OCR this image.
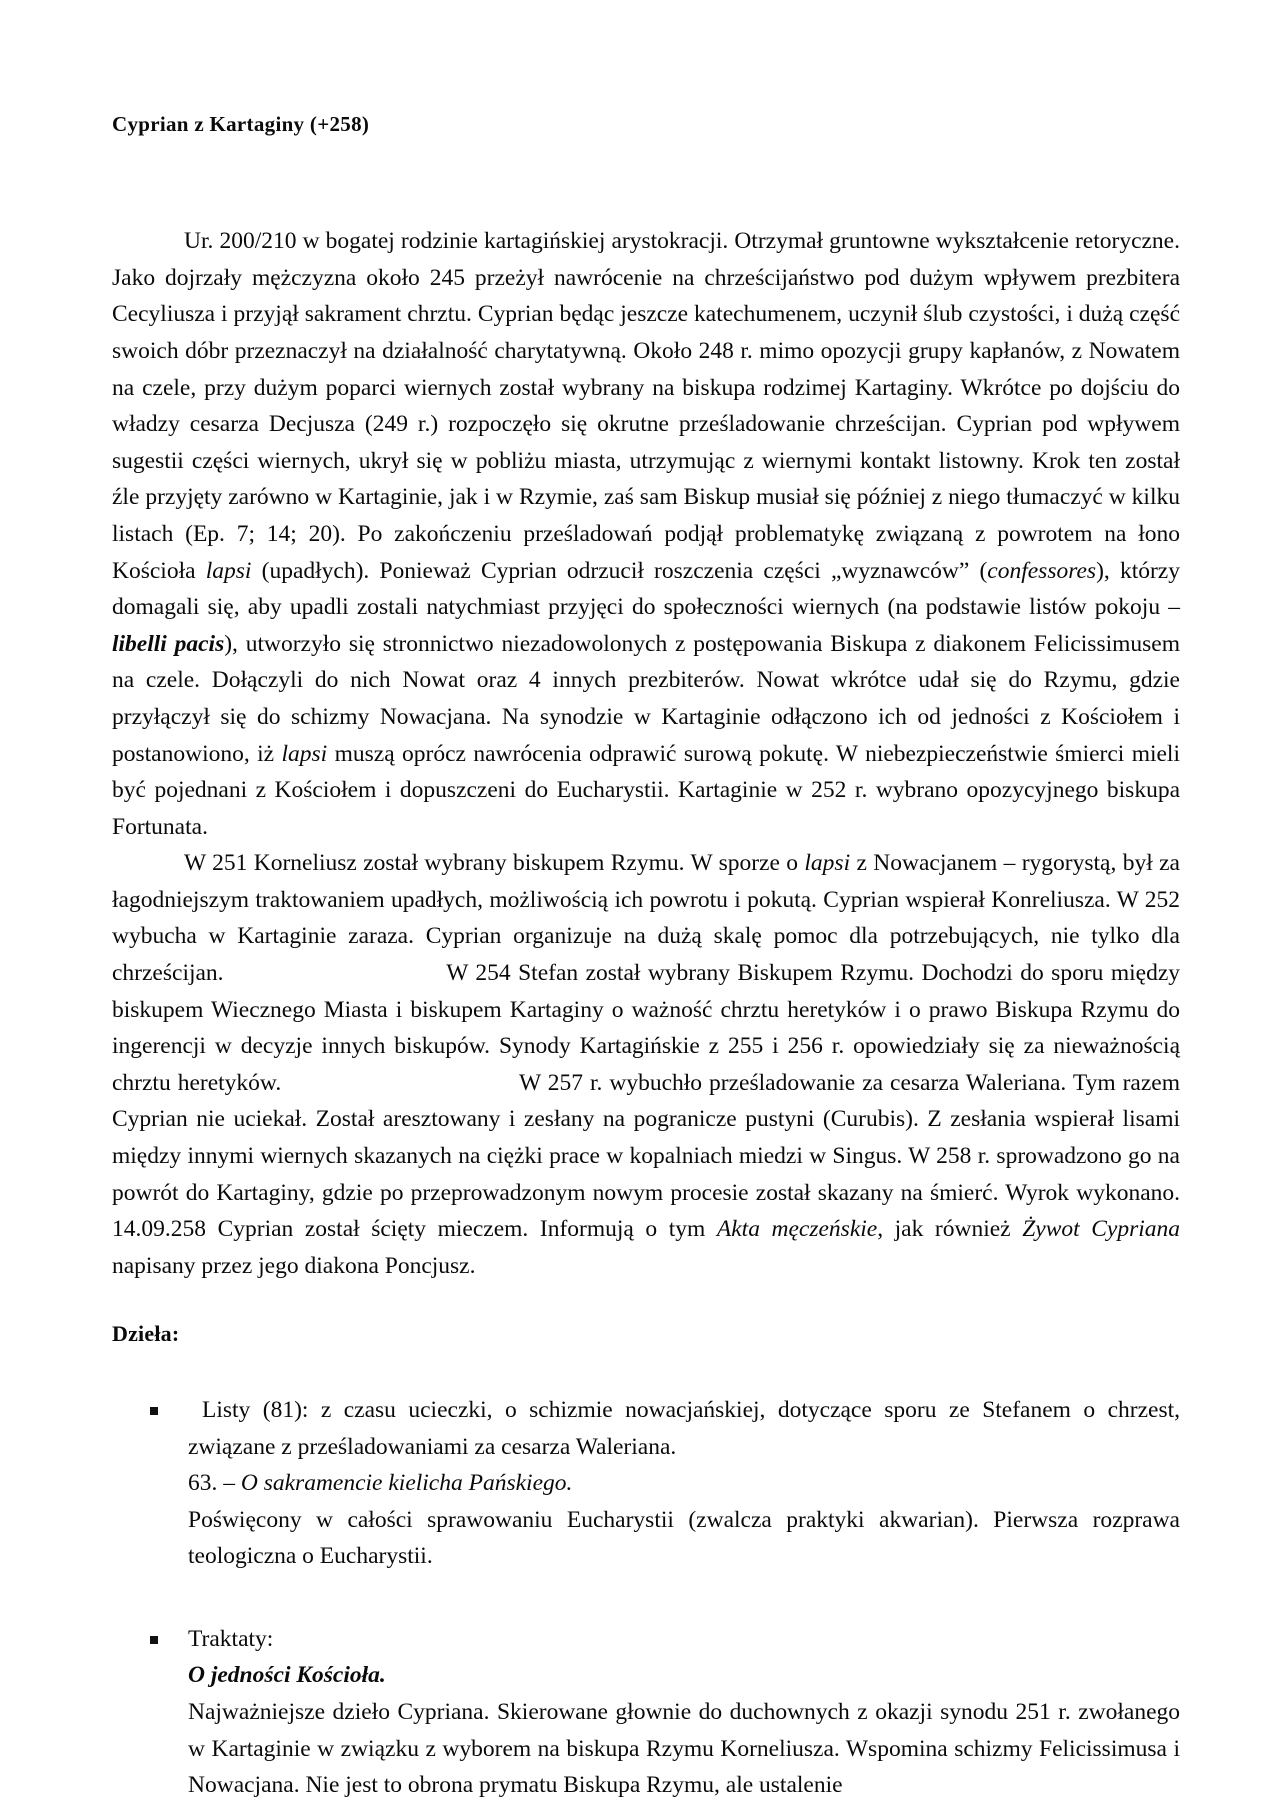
Cyprian z Kartaginy (+258)

Ur. 200/210 w bogatej rodzinie kartagińskiej arystokracji. Otrzymał gruntowne wykształcenie retoryczne. Jako dojrzały mężczyzna około 245 przeżył nawrócenie na chrześcijaństwo pod dużym wpływem prezbitera Cecyliusza i przyjął sakrament chrztu. Cyprian będąc jeszcze katechumenem, uczynił ślub czystości, i dużą część swoich dóbr przeznaczył na działalność charytatywną. Około 248 r. mimo opozycji grupy kapłanów, z Nowatem na czele, przy dużym poparci wiernych został wybrany na biskupa rodzimej Kartaginy. Wkrótce po dojściu do władzy cesarza Decjusza (249 r.) rozpoczęło się okrutne prześladowanie chrześcijan. Cyprian pod wpływem sugestii części wiernych, ukrył się w pobliżu miasta, utrzymując z wiernymi kontakt listowny. Krok ten został źle przyjęty zarówno w Kartaginie, jak i w Rzymie, zaś sam Biskup musiał się później z niego tłumaczyć w kilku listach (Ep. 7; 14; 20). Po zakończeniu prześladowań podjął problematykę związaną z powrotem na łono Kościoła lapsi (upadłych). Ponieważ Cyprian odrzucił roszczenia części „wyznawców” (confessores), którzy domagali się, aby upadli zostali natychmiast przyjęci do społeczności wiernych (na podstawie listów pokoju – libelli pacis), utworzyło się stronnictwo niezadowolonych z postępowania Biskupa z diakonem Felicissimusem na czele. Dołączyli do nich Nowat oraz 4 innych prezbiterów. Nowat wkrótce udał się do Rzymu, gdzie przyłączył się do schizmy Nowacjana. Na synodzie w Kartaginie odłączono ich od jedności z Kościołem i postanowiono, iż lapsi muszą oprócz nawrócenia odprawić surową pokutę. W niebezpieczeństwie śmierci mieli być pojednani z Kościołem i dopuszczeni do Eucharystii. Kartaginie w 252 r. wybrano opozycyjnego biskupa Fortunata.

W 251 Korneliusz został wybrany biskupem Rzymu. W sporze o lapsi z Nowacjanem – rygorystą, był za łagodniejszym traktowaniem upadłych, możliwością ich powrotu i pokutą. Cyprian wspierał Konreliusza. W 252 wybucha w Kartaginie zaraza. Cyprian organizuje na dużą skalę pomoc dla potrzebujących, nie tylko dla chrześcijan.	W 254 Stefan został wybrany Biskupem Rzymu. Dochodzi do sporu między biskupem Wiecznego Miasta i biskupem Kartaginy o ważność chrztu heretyków i o prawo Biskupa Rzymu do ingerencji w decyzje innych biskupów. Synody Kartagińskie z 255 i 256 r. opowiedziały się za nieważnością chrztu heretyków.	W 257 r. wybuchło prześladowanie za cesarza Waleriana. Tym razem Cyprian nie uciekał. Został aresztowany i zesłany na pogranicze pustyni (Curubis). Z zesłania wspierał lisami między innymi wiernych skazanych na ciężki prace w kopalniach miedzi w Singus. W 258 r. sprowadzono go na powrót do Kartaginy, gdzie po przeprowadzonym nowym procesie został skazany na śmierć. Wyrok wykonano. 14.09.258 Cyprian został ścięty mieczem. Informują o tym Akta męczeńskie, jak również Żywot Cypriana napisany przez jego diakona Poncjusz.

Dzieła:

Listy (81): z czasu ucieczki, o schizmie nowacjańskiej, dotyczące sporu ze Stefanem o chrzest, związane z prześladowaniami za cesarza Waleriana.

63. – O sakramencie kielicha Pańskiego.

Poświęcony w całości sprawowaniu Eucharystii (zwalcza praktyki akwarian). Pierwsza rozprawa teologiczna o Eucharystii.

Traktaty:

O jedności Kościoła.

Najważniejsze dzieło Cypriana. Skierowane głownie do duchownych z okazji synodu 251 r. zwołanego w Kartaginie w związku z wyborem na biskupa Rzymu Korneliusza. Wspomina schizmy Felicissimusa i Nowacjana. Nie jest to obrona prymatu Biskupa Rzymu, ale ustalenie
